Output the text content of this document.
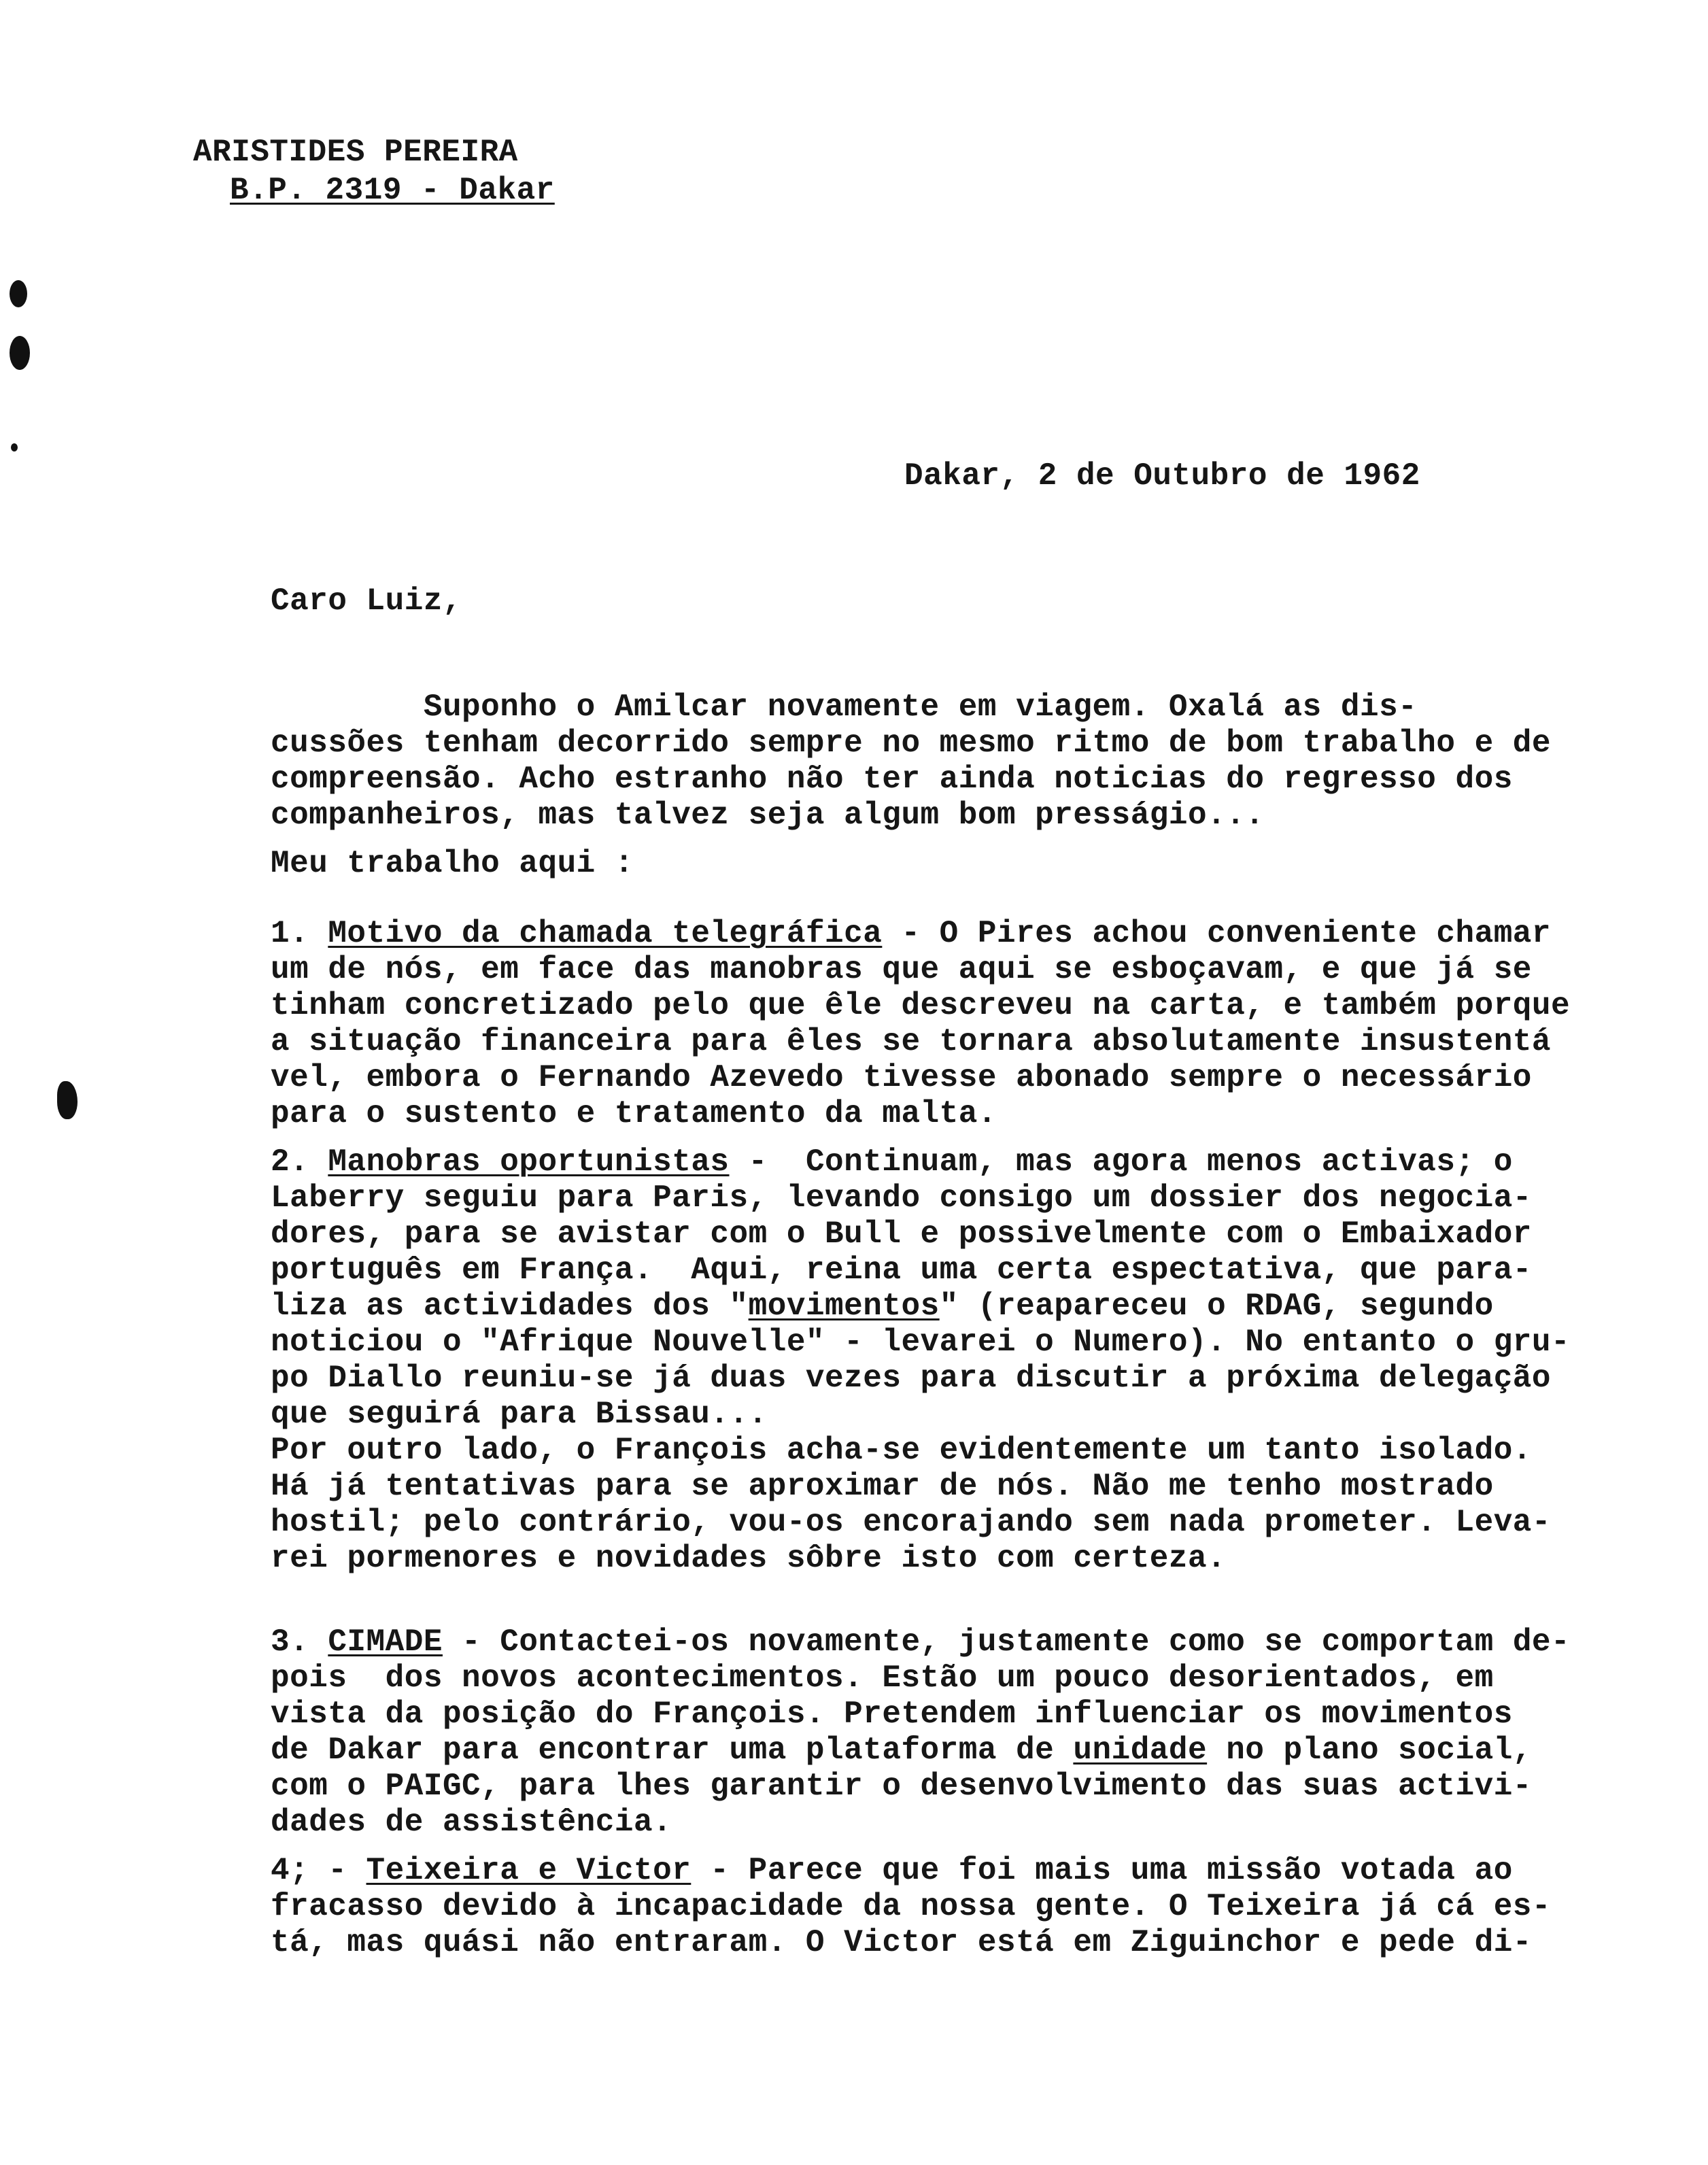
ARISTIDES PEREIRA
B.P. 2319 - Dakar
Dakar, 2 de Outubro de 1962
Caro Luiz,
Suponho o Amilcar novamente em viagem. Oxalá as dis-
cussões tenham decorrido sempre no mesmo ritmo de bom trabalho e de
compreensão. Acho estranho não ter ainda noticias do regresso dos
companheiros, mas talvez seja algum bom presságio...
Meu trabalho aqui :
1. Motivo da chamada telegráfica - O Pires achou conveniente chamar
um de nós, em face das manobras que aqui se esboçavam, e que já se
tinham concretizado pelo que êle descreveu na carta, e também porque
a situação financeira para êles se tornara absolutamente insustentá
vel, embora o Fernando Azevedo tivesse abonado sempre o necessário
para o sustento e tratamento da malta.
2. Manobras oportunistas -  Continuam, mas agora menos activas; o
Laberry seguiu para Paris, levando consigo um dossier dos negocia-
dores, para se avistar com o Bull e possivelmente com o Embaixador
português em França.  Aqui, reina uma certa espectativa, que para-
liza as actividades dos "movimentos" (reapareceu o RDAG, segundo
noticiou o "Afrique Nouvelle" - levarei o Numero). No entanto o gru-
po Diallo reuniu-se já duas vezes para discutir a próxima delegação
que seguirá para Bissau...
Por outro lado, o François acha-se evidentemente um tanto isolado.
Há já tentativas para se aproximar de nós. Não me tenho mostrado
hostil; pelo contrário, vou-os encorajando sem nada prometer. Leva-
rei pormenores e novidades sôbre isto com certeza.
3. CIMADE - Contactei-os novamente, justamente como se comportam de-
pois  dos novos acontecimentos. Estão um pouco desorientados, em
vista da posição do François. Pretendem influenciar os movimentos
de Dakar para encontrar uma plataforma de unidade no plano social,
com o PAIGC, para lhes garantir o desenvolvimento das suas activi-
dades de assistência.
4; - Teixeira e Victor - Parece que foi mais uma missão votada ao
fracasso devido à incapacidade da nossa gente. O Teixeira já cá es-
tá, mas quási não entraram. O Victor está em Ziguinchor e pede di-
